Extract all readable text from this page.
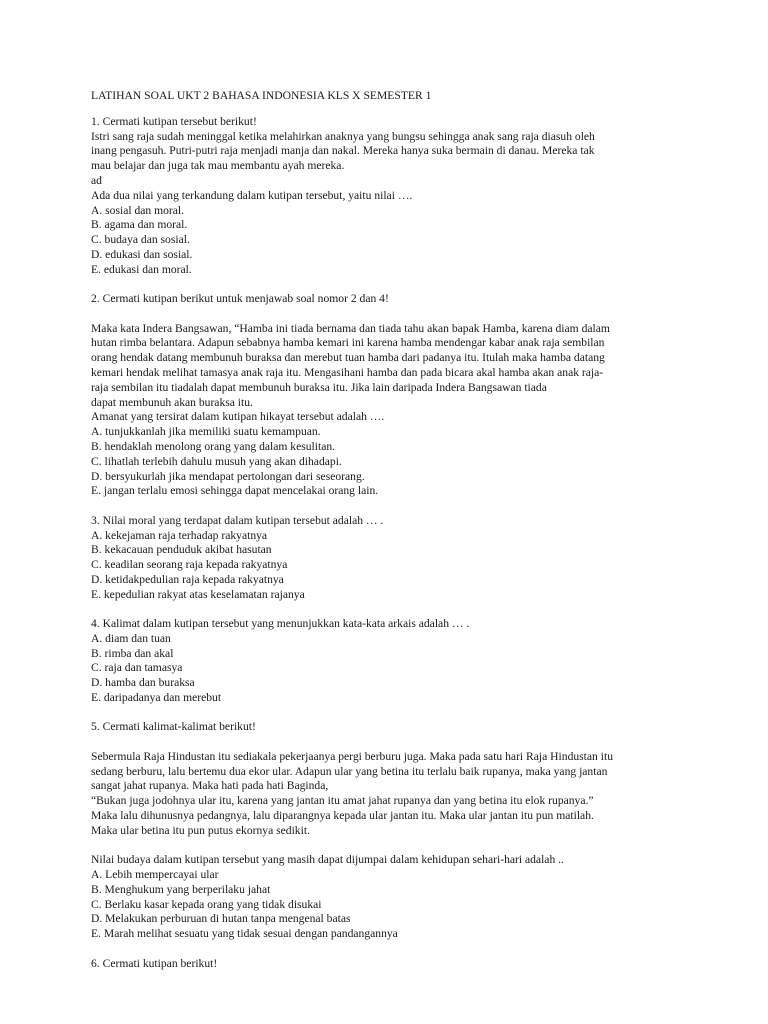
LATIHAN SOAL UKT 2 BAHASA INDONESIA KLS X SEMESTER 1
1. Cermati kutipan tersebut berikut!
Istri sang raja sudah meninggal ketika melahirkan anaknya yang bungsu sehingga anak sang raja diasuh oleh
inang pengasuh. Putri-putri raja menjadi manja dan nakal. Mereka hanya suka bermain di danau. Mereka tak
mau belajar dan juga tak mau membantu ayah mereka.
ad
Ada dua nilai yang terkandung dalam kutipan tersebut, yaitu nilai ….
A. sosial dan moral.
B. agama dan moral.
C. budaya dan sosial.
D. edukasi dan sosial.
E. edukasi dan moral.
2. Cermati kutipan berikut untuk menjawab soal nomor 2 dan 4!
Maka kata Indera Bangsawan, “Hamba ini tiada bernama dan tiada tahu akan bapak Hamba, karena diam dalam
hutan rimba belantara. Adapun sebabnya hamba kemari ini karena hamba mendengar kabar anak raja sembilan
orang hendak datang membunuh buraksa dan merebut tuan hamba dari padanya itu. Itulah maka hamba datang
kemari hendak melihat tamasya anak raja itu. Mengasihani hamba dan pada bicara akal hamba akan anak raja-
raja sembilan itu tiadalah dapat membunuh buraksa itu. Jika lain daripada Indera Bangsawan tiada
dapat membunuh akan buraksa itu.
Amanat yang tersirat dalam kutipan hikayat tersebut adalah ….
A. tunjukkanlah jika memiliki suatu kemampuan.
B. hendaklah menolong orang yang dalam kesulitan.
C. lihatlah terlebih dahulu musuh yang akan dihadapi.
D. bersyukurlah jika mendapat pertolongan dari seseorang.
E. jangan terlalu emosi sehingga dapat mencelakai orang lain.
3. Nilai moral yang terdapat dalam kutipan tersebut adalah … .
A. kekejaman raja terhadap rakyatnya
B. kekacauan penduduk akibat hasutan
C. keadilan seorang raja kepada rakyatnya
D. ketidakpedulian raja kepada rakyatnya
E. kepedulian rakyat atas keselamatan rajanya
4. Kalimat dalam kutipan tersebut yang menunjukkan kata-kata arkais adalah … .
A. diam dan tuan
B. rimba dan akal
C. raja dan tamasya
D. hamba dan buraksa
E. daripadanya dan merebut
5. Cermati kalimat-kalimat berikut!
Sebermula Raja Hindustan itu sediakala pekerjaanya pergi berburu juga. Maka pada satu hari Raja Hindustan itu
sedang berburu, lalu bertemu dua ekor ular. Adapun ular yang betina itu terlalu baik rupanya, maka yang jantan
sangat jahat rupanya. Maka hati pada hati Baginda,
“Bukan juga jodohnya ular itu, karena yang jantan itu amat jahat rupanya dan yang betina itu elok rupanya.”
Maka lalu dihunusnya pedangnya, lalu diparangnya kepada ular jantan itu. Maka ular jantan itu pun matilah.
Maka ular betina itu pun putus ekornya sedikit.
Nilai budaya dalam kutipan tersebut yang masih dapat dijumpai dalam kehidupan sehari-hari adalah ..
A. Lebih mempercayai ular
B. Menghukum yang berperilaku jahat
C. Berlaku kasar kepada orang yang tidak disukai
D. Melakukan perburuan di hutan tanpa mengenal batas
E. Marah melihat sesuatu yang tidak sesuai dengan pandangannya
6. Cermati kutipan berikut!
